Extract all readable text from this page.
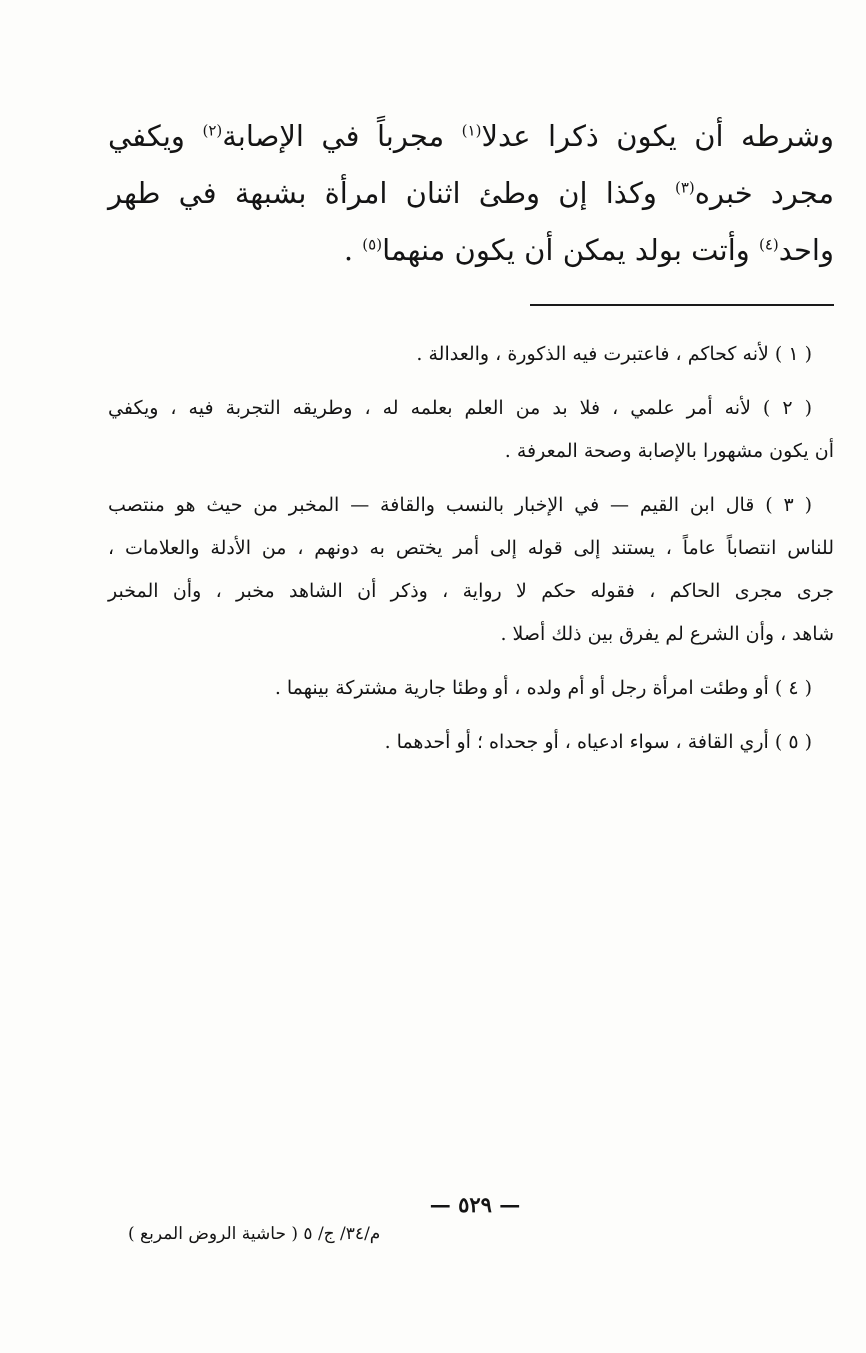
وشرطه أن يكون ذكرا عدلا$^{(١)}$ مجرباً في الإصابة$^{(٢)}$ ويكفي
مجرد خبره$^{(٣)}$ وكذا إن وطئ اثنان امرأة بشبهة في طهر
واحد$^{(٤)}$ وأتت بولد يمكن أن يكون منهما$^{(٥)}$ .
( ١ ) لأنه كحاكم ، فاعتبرت فيه الذكورة ، والعدالة .
( ٢ ) لأنه أمر علمي ، فلا بد من العلم بعلمه له ، وطريقه التجربة فيه ، ويكفي
أن يكون مشهورا بالإصابة وصحة المعرفة .
( ٣ ) قال ابن القيم — في الإخبار بالنسب والقافة — المخبر من حيث هو منتصب
للناس انتصاباً عاماً ، يستند إلى قوله إلى أمر يختص به دونهم ، من الأدلة والعلامات ،
جرى مجرى الحاكم ، فقوله حكم لا رواية ، وذكر أن الشاهد مخبر ، وأن المخبر
شاهد ، وأن الشرع لم يفرق بين ذلك أصلا .
( ٤ ) أو وطئت امرأة رجل أو أم ولده ، أو وطئا جارية مشتركة بينهما .
( ٥ ) أري القافة ، سواء ادعياه ، أو جحداه ؛ أو أحدهما .
— ٥٢٩ —
م/٣٤/ ج/ ٥ ( حاشية الروض المربع )
